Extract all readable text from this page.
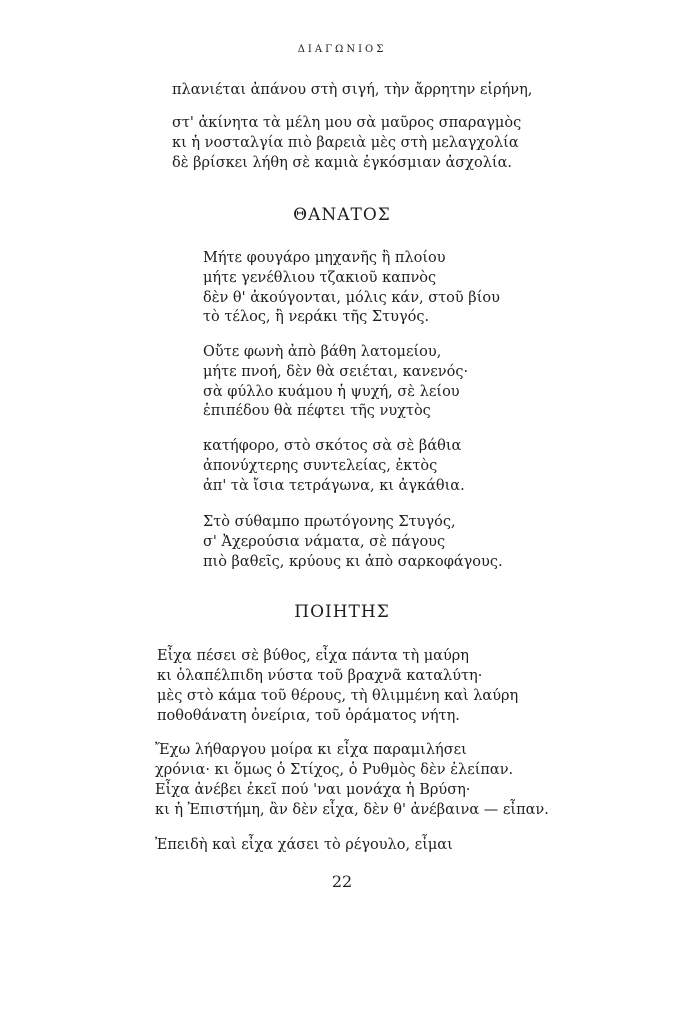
ΔΙΑΓΩΝΙΟΣ
πλανιέται ἀπάνου στὴ σιγή, τὴν ἄρρητην εἰρήνη,
στ' ἀκίνητα τὰ μέλη μου σὰ μαῦρος σπαραγμὸς
κι ἡ νοσταλγία πιὸ βαρειὰ μὲς στὴ μελαγχολία
δὲ βρίσκει λήθη σὲ καμιὰ ἐγκόσμιαν ἀσχολία.
ΘΑΝΑΤΟΣ
Μήτε φουγάρο μηχανῆς ἢ πλοίου
μήτε γενέθλιου τζακιοῦ καπνὸς
δὲν θ' ἀκούγονται, μόλις κάν, στοῦ βίου
τὸ τέλος, ἢ νεράκι τῆς Στυγός.
Οὔτε φωνὴ ἀπὸ βάθη λατομείου,
μήτε πνοή, δὲν θὰ σειέται, κανενός·
σὰ φύλλο κυάμου ἡ ψυχή, σὲ λείου
ἐπιπέδου θὰ πέφτει τῆς νυχτὸς
κατήφορο, στὸ σκότος σὰ σὲ βάθια
ἀπονύχτερης συντελείας, ἐκτὸς
ἀπ' τὰ ἴσια τετράγωνα, κι ἀγκάθια.
Στὸ σύθαμπο πρωτόγονης Στυγός,
σ' Ἀχερούσια νάματα, σὲ πάγους
πιὸ βαθεῖς, κρύους κι ἀπὸ σαρκοφάγους.
ΠΟΙΗΤΗΣ
Εἶχα πέσει σὲ βύθος, εἶχα πάντα τὴ μαύρη
κι ὁλαπέλπιδη νύστα τοῦ βραχνᾶ καταλύτη·
μὲς στὸ κάμα τοῦ θέρους, τὴ θλιμμένη καὶ λαύρη
ποθοθάνατη ὀνείρια, τοῦ ὁράματος νήτη.
Ἔχω λήθαργου μοίρα κι εἶχα παραμιλήσει
χρόνια· κι ὅμως ὁ Στίχος, ὁ Ρυθμὸς δὲν ἐλείπαν.
Εἶχα ἀνέβει ἐκεῖ πού 'ναι μονάχα ἡ Βρύση·
κι ἡ Ἐπιστήμη, ἂν δὲν εἶχα, δὲν θ' ἀνέβαινα — εἶπαν.
Ἐπειδὴ καὶ εἶχα χάσει τὸ ρέγουλο, εἶμαι
22
